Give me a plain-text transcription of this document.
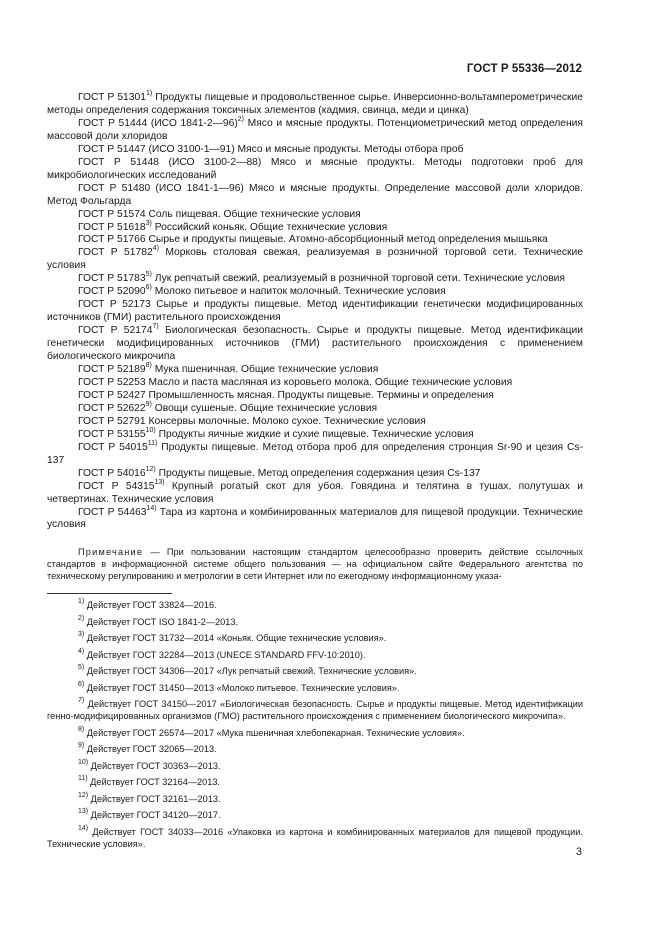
ГОСТ Р 55336—2012

ГОСТ Р 51301$^{1)}$ Продукты пищевые и продовольственное сырье. Инверсионно-вольтамперометрические методы определения содержания токсичных элементов (кадмия, свинца, меди и цинка)

ГОСТ Р 51444 (ИСО 1841-2—96)$^{2)}$ Мясо и мясные продукты. Потенциометрический метод определения массовой доли хлоридов

ГОСТ Р 51447 (ИСО 3100-1—91) Мясо и мясные продукты. Методы отбора проб

ГОСТ Р 51448 (ИСО 3100-2—88) Мясо и мясные продукты. Методы подготовки проб для микробиологических исследований

ГОСТ Р 51480 (ИСО 1841-1—96) Мясо и мясные продукты. Определение массовой доли хлоридов. Метод Фольгарда

ГОСТ Р 51574 Соль пищевая. Общие технические условия

ГОСТ Р 51618$^{3)}$ Российский коньяк. Общие технические условия

ГОСТ Р 51766 Сырье и продукты пищевые. Атомно-абсорбционный метод определения мышьяка

ГОСТ Р 51782$^{4)}$ Морковь столовая свежая, реализуемая в розничной торговой сети. Технические условия

ГОСТ Р 51783$^{5)}$ Лук репчатый свежий, реализуемый в розничной торговой сети. Технические условия

ГОСТ Р 52090$^{6)}$ Молоко питьевое и напиток молочный. Технические условия

ГОСТ Р 52173 Сырье и продукты пищевые. Метод идентификации генетически модифицированных источников (ГМИ) растительного происхождения

ГОСТ Р 52174$^{7)}$ Биологическая безопасность. Сырье и продукты пищевые. Метод идентификации генетически модифицированных источников (ГМИ) растительного происхождения с применением биологического микрочипа

ГОСТ Р 52189$^{8)}$ Мука пшеничная. Общие технические условия

ГОСТ Р 52253 Масло и паста масляная из коровьего молока. Общие технические условия

ГОСТ Р 52427 Промышленность мясная. Продукты пищевые. Термины и определения

ГОСТ Р 52622$^{9)}$ Овощи сушеные. Общие технические условия

ГОСТ Р 52791 Консервы молочные. Молоко сухое. Технические условия

ГОСТ Р 53155$^{10)}$ Продукты яичные жидкие и сухие пищевые. Технические условия

ГОСТ Р 54015$^{11)}$ Продукты пищевые. Метод отбора проб для определения стронция Sr-90 и цезия Cs-137

ГОСТ Р 54016$^{12)}$ Продукты пищевые. Метод определения содержания цезия Cs-137

ГОСТ Р 54315$^{13)}$ Крупный рогатый скот для убоя. Говядина и телятина в тушах, полутушах и четвертинах. Технические условия

ГОСТ Р 54463$^{14)}$ Тара из картона и комбинированных материалов для пищевой продукции. Технические условия

Примечание — При пользовании настоящим стандартом целесообразно проверить действие ссылочных стандартов в информационной системе общего пользования — на официальном сайте Федерального агентства по техническому регулированию и метрологии в сети Интернет или по ежегодному информационному указа-

$^{1)}$ Действует ГОСТ 33824—2016.

$^{2)}$ Действует ГОСТ ISO 1841-2—2013.

$^{3)}$ Действует ГОСТ 31732—2014 «Коньяк. Общие технические условия».

$^{4)}$ Действует ГОСТ 32284—2013 (UNECE STANDARD FFV-10:2010).

$^{5)}$ Действует ГОСТ 34306—2017 «Лук репчатый свежий. Технические условия».

$^{6)}$ Действует ГОСТ 31450—2013 «Молоко питьевое. Технические условия».

$^{7)}$ Действует ГОСТ 34150—2017 «Биологическая безопасность. Сырье и продукты пищевые. Метод идентификации генно-модифицированных организмов (ГМО) растительного происхождения с применением биологического микрочипа».

$^{8)}$ Действует ГОСТ 26574—2017 «Мука пшеничная хлебопекарная. Технические условия».

$^{9)}$ Действует ГОСТ 32065—2013.

$^{10)}$ Действует ГОСТ 30363—2013.

$^{11)}$ Действует ГОСТ 32164—2013.

$^{12)}$ Действует ГОСТ 32161—2013.

$^{13)}$ Действует ГОСТ 34120—2017.

$^{14)}$ Действует ГОСТ 34033—2016 «Упаковка из картона и комбинированных материалов для пищевой продукции. Технические условия».

3
